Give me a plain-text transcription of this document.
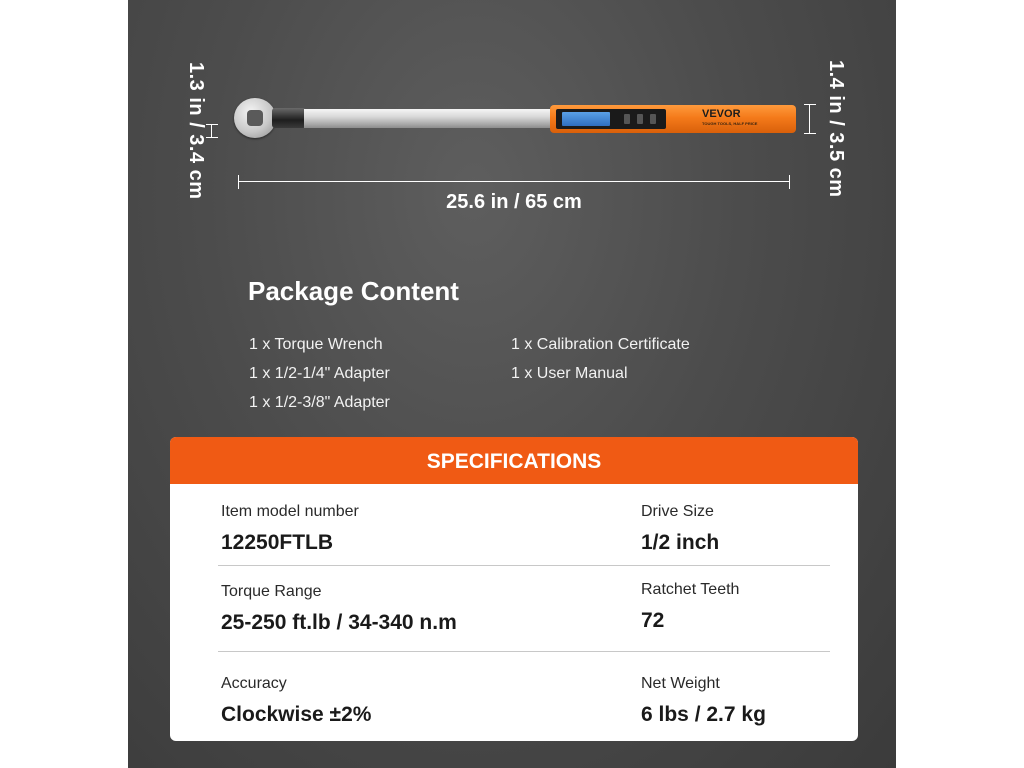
1.3 in / 3.4 cm	VEVOR
TOUGH TOOLS, HALF PRICE	1.4 in / 3.5 cm
25.6 in / 65 cm
Package Content
1 x Torque Wrench
1 x 1/2-1/4" Adapter
1 x 1/2-3/8" Adapter
1 x Calibration Certificate
1 x User Manual
SPECIFICATIONS
Item model number
12250FTLB
Drive Size
1/2 inch
Torque Range
25-250 ft.lb / 34-340 n.m
Ratchet Teeth
72
Accuracy
Clockwise ±2%
Net Weight
6 lbs / 2.7 kg
